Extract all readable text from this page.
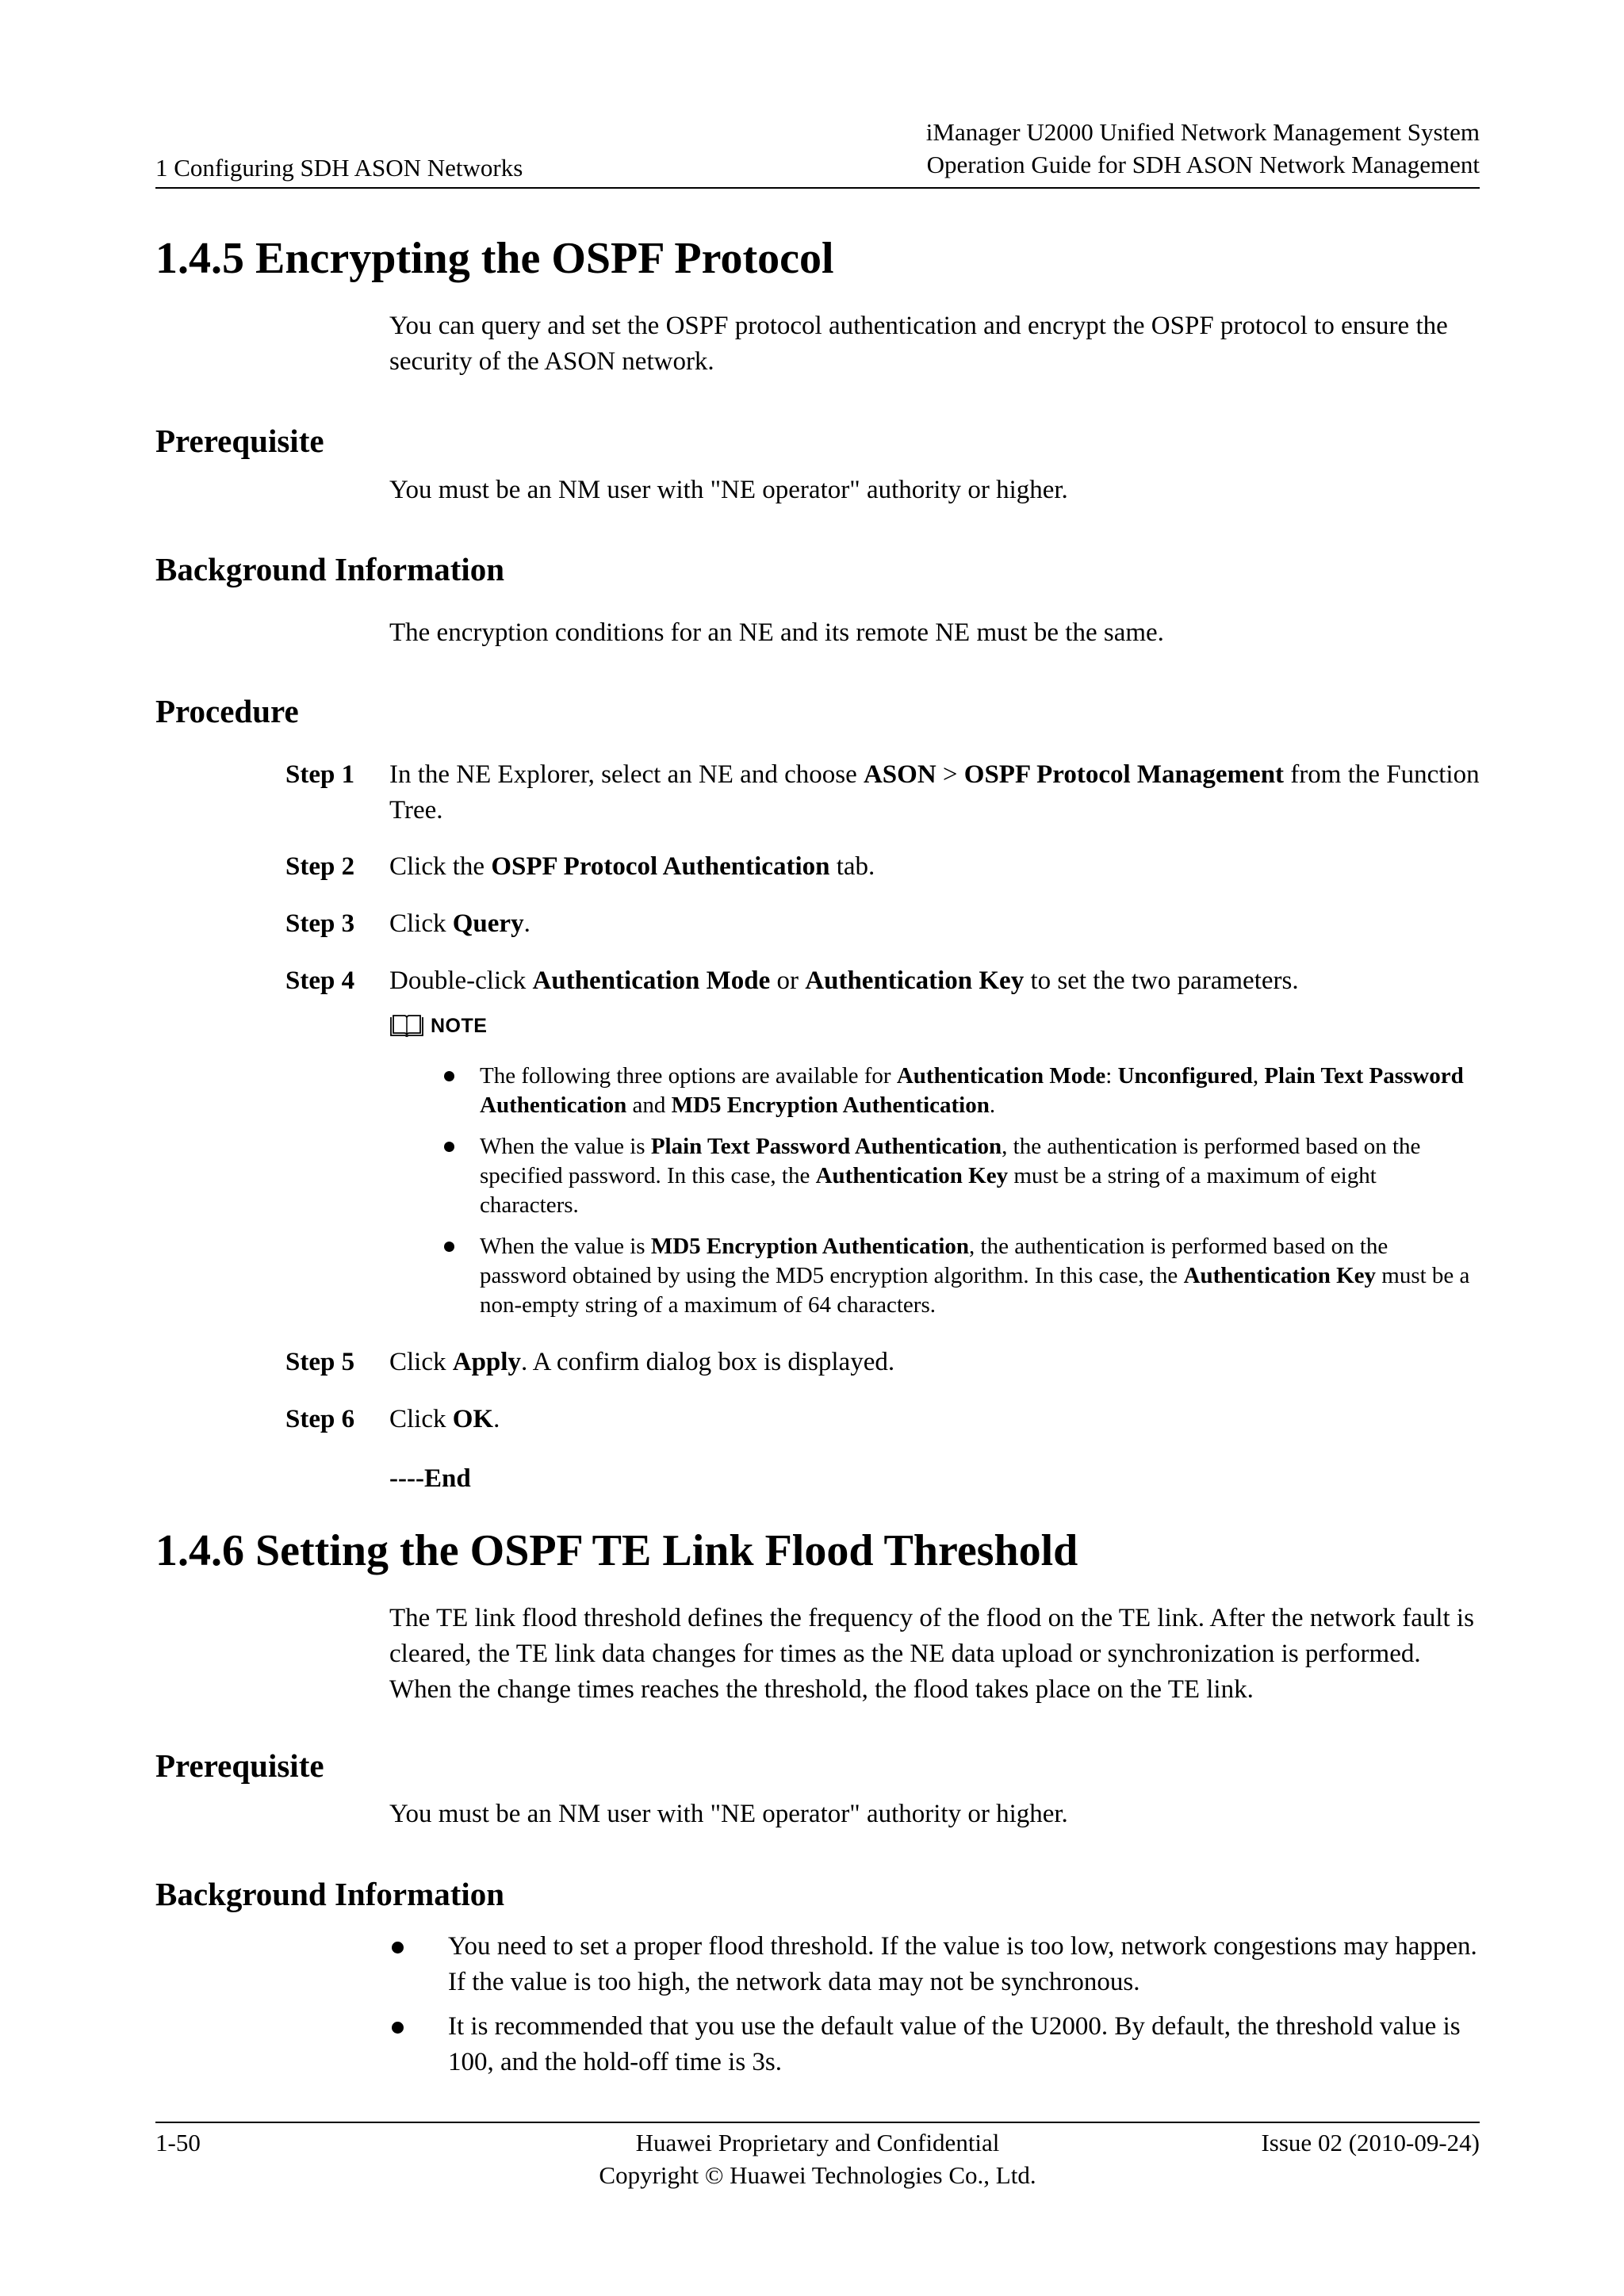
iManager U2000 Unified Network Management System
Operation Guide for SDH ASON Network Management
1 Configuring SDH ASON Networks
1.4.5 Encrypting the OSPF Protocol
You can query and set the OSPF protocol authentication and encrypt the OSPF protocol to ensure the security of the ASON network.
Prerequisite
You must be an NM user with "NE operator" authority or higher.
Background Information
The encryption conditions for an NE and its remote NE must be the same.
Procedure
Step 1	In the NE Explorer, select an NE and choose ASON > OSPF Protocol Management from the Function Tree.
Step 2	Click the OSPF Protocol Authentication tab.
Step 3	Click Query.
Step 4	Double-click Authentication Mode or Authentication Key to set the two parameters.
NOTE
The following three options are available for Authentication Mode: Unconfigured, Plain Text Password Authentication and MD5 Encryption Authentication.
When the value is Plain Text Password Authentication, the authentication is performed based on the specified password. In this case, the Authentication Key must be a string of a maximum of eight characters.
When the value is MD5 Encryption Authentication, the authentication is performed based on the password obtained by using the MD5 encryption algorithm. In this case, the Authentication Key must be a non-empty string of a maximum of 64 characters.
Step 5	Click Apply. A confirm dialog box is displayed.
Step 6	Click OK.
----End
1.4.6 Setting the OSPF TE Link Flood Threshold
The TE link flood threshold defines the frequency of the flood on the TE link. After the network fault is cleared, the TE link data changes for times as the NE data upload or synchronization is performed. When the change times reaches the threshold, the flood takes place on the TE link.
Prerequisite
You must be an NM user with "NE operator" authority or higher.
Background Information
You need to set a proper flood threshold. If the value is too low, network congestions may happen. If the value is too high, the network data may not be synchronous.
It is recommended that you use the default value of the U2000. By default, the threshold value is 100, and the hold-off time is 3s.
1-50	Huawei Proprietary and Confidential
Copyright © Huawei Technologies Co., Ltd.
Issue 02 (2010-09-24)
